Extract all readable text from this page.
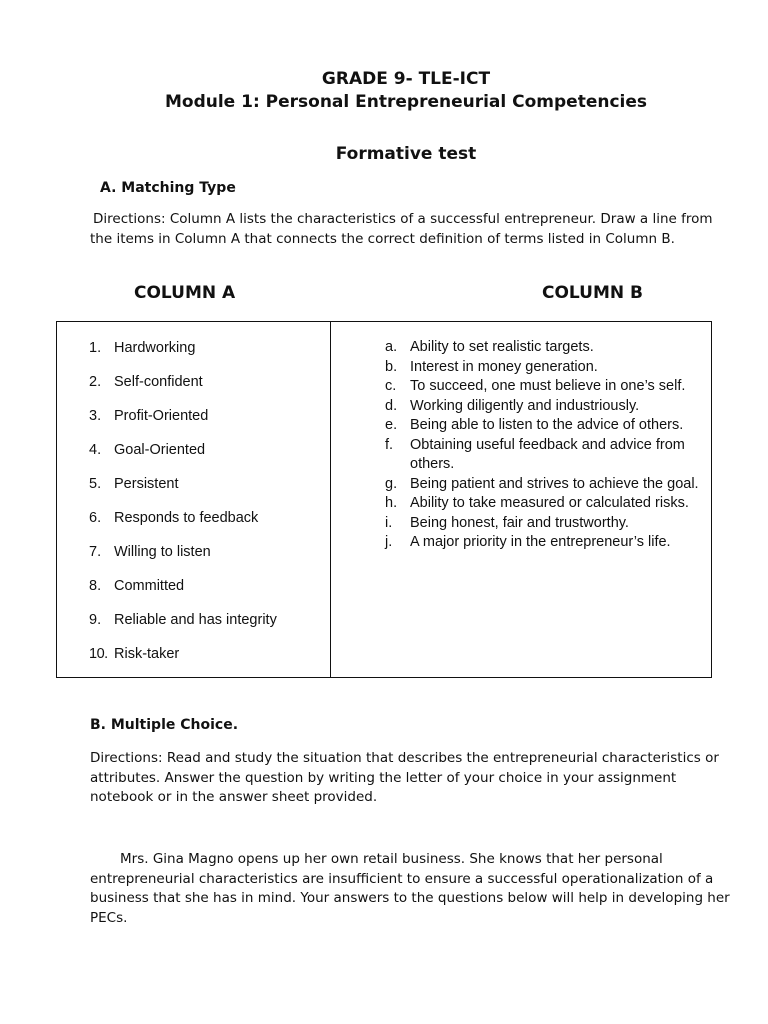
GRADE 9- TLE-ICT
Module 1: Personal Entrepreneurial Competencies
Formative test
A. Matching Type
Directions: Column A lists the characteristics of a successful entrepreneur. Draw a line from the items in Column A that connects the correct definition of terms listed in Column B.
COLUMN A	COLUMN B
1. Hardworking
2. Self-confident
3. Profit-Oriented
4. Goal-Oriented
5. Persistent
6. Responds to feedback
7. Willing to listen
8. Committed
9. Reliable and has integrity
10. Risk-taker
a. Ability to set realistic targets.
b. Interest in money generation.
c. To succeed, one must believe in one’s self.
d. Working diligently and industriously.
e. Being able to listen to the advice of others.
f.	Obtaining useful feedback and advice from others.
g. Being patient and strives to achieve the goal.
h. Ability to take measured or calculated risks.
i.	Being honest, fair and trustworthy.
j.	A major priority in the entrepreneur’s life.
B. Multiple Choice.
Directions: Read and study the situation that describes the entrepreneurial characteristics or attributes. Answer the question by writing the letter of your choice in your assignment notebook or in the answer sheet provided.
Mrs. Gina Magno opens up her own retail business. She knows that her personal entrepreneurial characteristics are insufficient to ensure a successful operationalization of a business that she has in mind. Your answers to the questions below will help in developing her PECs.
